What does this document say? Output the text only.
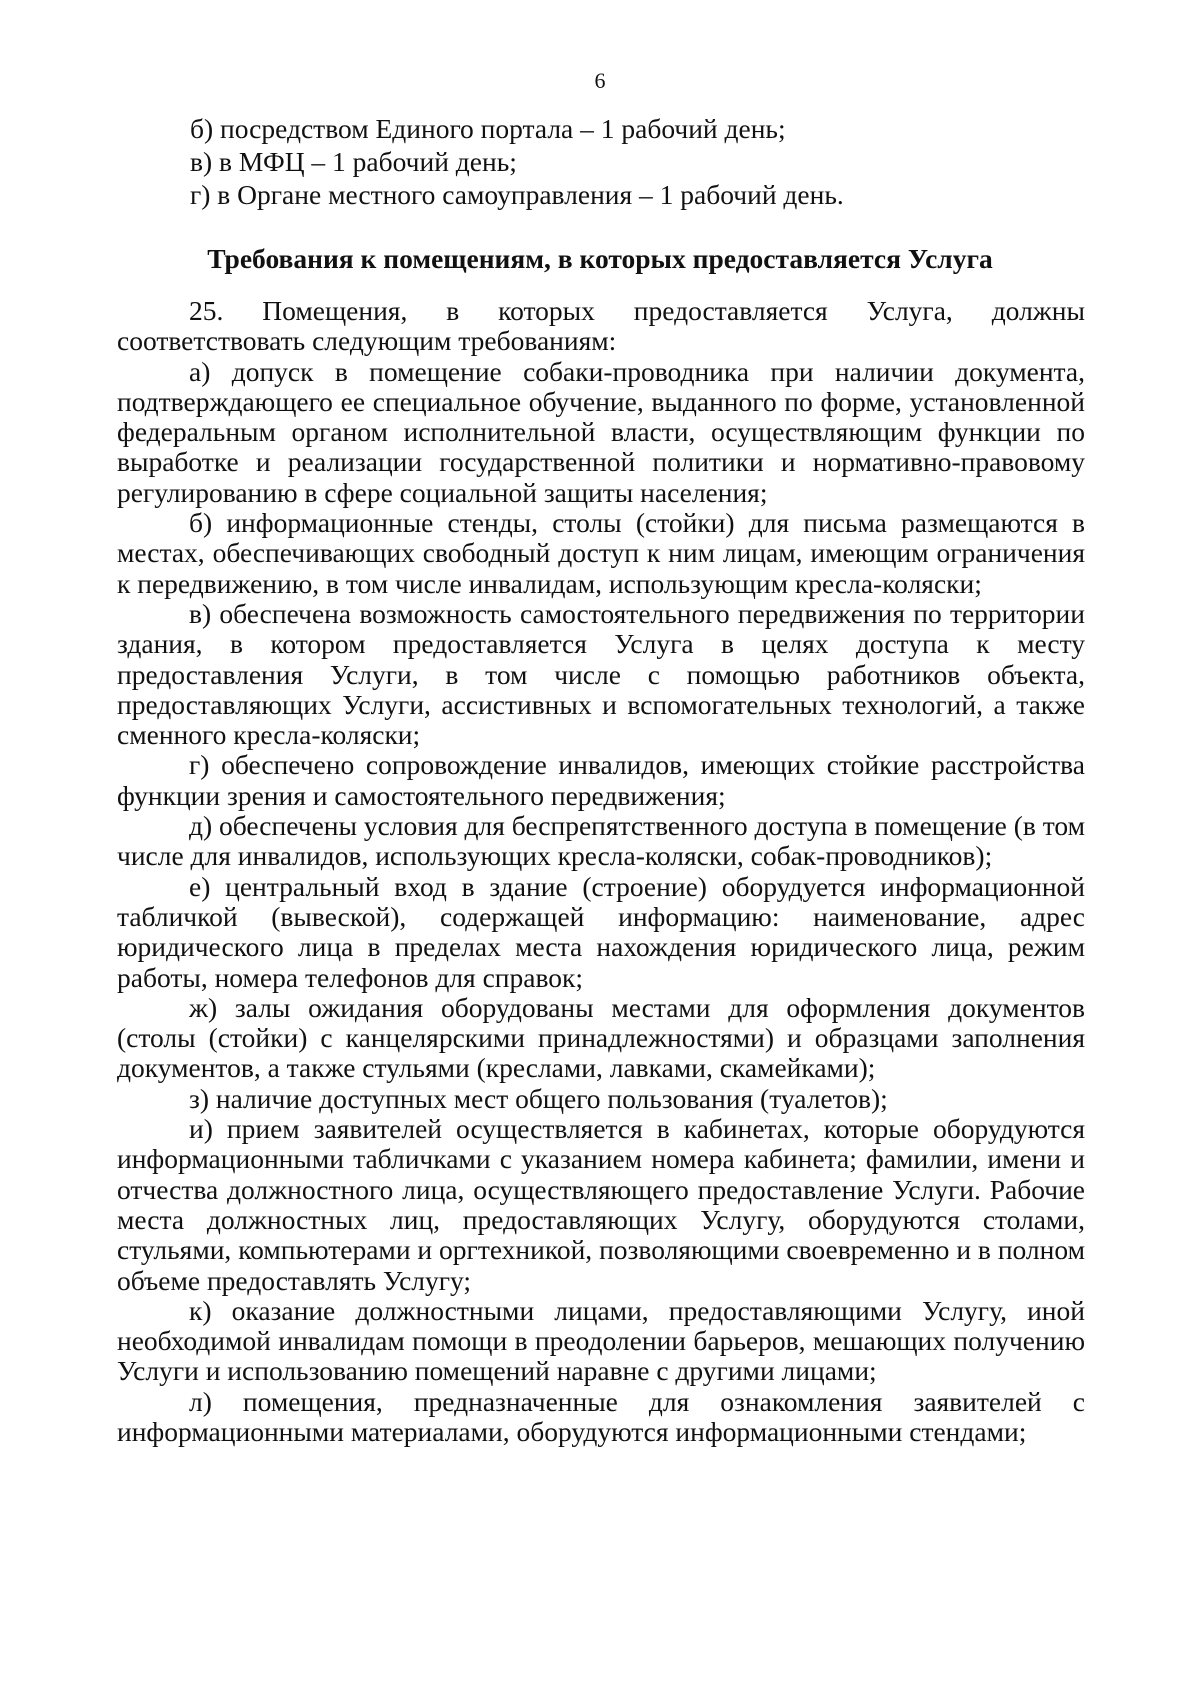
6
б) посредством Единого портала – 1 рабочий день;
в) в МФЦ – 1 рабочий день;
г) в Органе местного самоуправления – 1 рабочий день.
Требования к помещениям, в которых предоставляется Услуга

25. Помещения, в которых предоставляется Услуга, должны соответствовать следующим требованиям:

а) допуск в помещение собаки-проводника при наличии документа, подтверждающего ее специальное обучение, выданного по форме, установленной федеральным органом исполнительной власти, осуществляющим функции по выработке и реализации государственной политики и нормативно-правовому регулированию в сфере социальной защиты населения;

б) информационные стенды, столы (стойки) для письма размещаются в местах, обеспечивающих свободный доступ к ним лицам, имеющим ограничения к передвижению, в том числе инвалидам, использующим кресла-коляски;

в) обеспечена возможность самостоятельного передвижения по территории здания, в котором предоставляется Услуга в целях доступа к месту предоставления Услуги, в том числе с помощью работников объекта, предоставляющих Услуги, ассистивных и вспомогательных технологий, а также сменного кресла-коляски;

г) обеспечено сопровождение инвалидов, имеющих стойкие расстройства функции зрения и самостоятельного передвижения;

д) обеспечены условия для беспрепятственного доступа в помещение (в том числе для инвалидов, использующих кресла-коляски, собак-проводников);

е) центральный вход в здание (строение) оборудуется информационной табличкой (вывеской), содержащей информацию: наименование, адрес юридического лица в пределах места нахождения юридического лица, режим работы, номера телефонов для справок;

ж) залы ожидания оборудованы местами для оформления документов (столы (стойки) с канцелярскими принадлежностями) и образцами заполнения документов, а также стульями (креслами, лавками, скамейками);

з) наличие доступных мест общего пользования (туалетов);

и) прием заявителей осуществляется в кабинетах, которые оборудуются информационными табличками с указанием номера кабинета; фамилии, имени и отчества должностного лица, осуществляющего предоставление Услуги. Рабочие места должностных лиц, предоставляющих Услугу, оборудуются столами, стульями, компьютерами и оргтехникой, позволяющими своевременно и в полном объеме предоставлять Услугу;

к) оказание должностными лицами, предоставляющими Услугу, иной необходимой инвалидам помощи в преодолении барьеров, мешающих получению Услуги и использованию помещений наравне с другими лицами;

л) помещения, предназначенные для ознакомления заявителей с информационными материалами, оборудуются информационными стендами;
